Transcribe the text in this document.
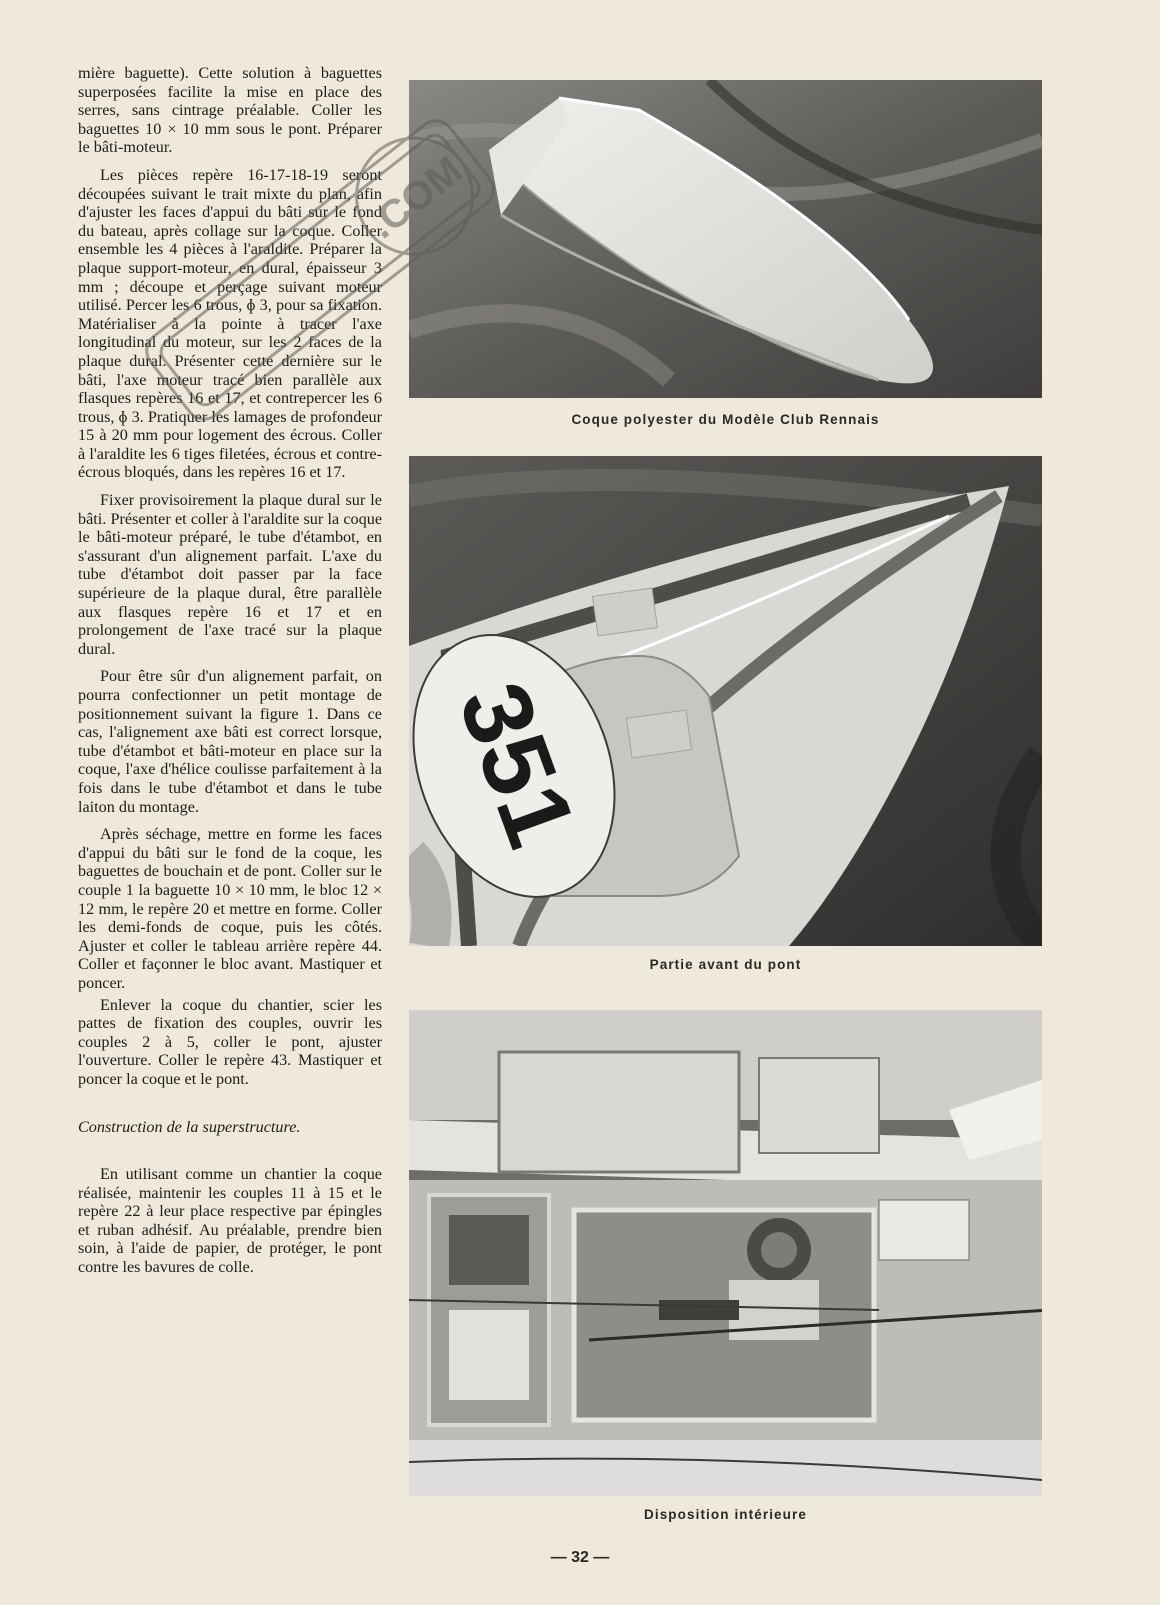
mière baguette). Cette solution à baguettes superposées facilite la mise en place des serres, sans cintrage préalable. Coller les baguettes 10 × 10 mm sous le pont. Préparer le bâti-moteur.

Les pièces repère 16-17-18-19 seront découpées suivant le trait mixte du plan, afin d'ajuster les faces d'appui du bâti sur le fond du bateau, après collage sur la coque. Coller ensemble les 4 pièces à l'araldite. Préparer la plaque support-moteur, en dural, épaisseur 3 mm ; découpe et perçage suivant moteur utilisé. Percer les 6 trous, ɸ 3, pour sa fixation. Matérialiser à la pointe à tracer l'axe longitudinal du moteur, sur les 2 faces de la plaque dural. Présenter cette dernière sur le bâti, l'axe moteur tracé bien parallèle aux flasques repères 16 et 17, et contrepercer les 6 trous, ɸ 3. Pratiquer les lamages de profondeur 15 à 20 mm pour logement des écrous. Coller à l'araldite les 6 tiges filetées, écrous et contre-écrous bloqués, dans les repères 16 et 17.

Fixer provisoirement la plaque dural sur le bâti. Présenter et coller à l'araldite sur la coque le bâti-moteur préparé, le tube d'étambot, en s'assurant d'un alignement parfait. L'axe du tube d'étambot doit passer par la face supérieure de la plaque dural, être parallèle aux flasques repère 16 et 17 et en prolongement de l'axe tracé sur la plaque dural.

Pour être sûr d'un alignement parfait, on pourra confectionner un petit montage de positionnement suivant la figure 1. Dans ce cas, l'alignement axe bâti est correct lorsque, tube d'étambot et bâti-moteur en place sur la coque, l'axe d'hélice coulisse parfaitement à la fois dans le tube d'étambot et dans le tube laiton du montage.

Après séchage, mettre en forme les faces d'appui du bâti sur le fond de la coque, les baguettes de bouchain et de pont. Coller sur le couple 1 la baguette 10 × 10 mm, le bloc 12 × 12 mm, le repère 20 et mettre en forme. Coller les demi-fonds de coque, puis les côtés. Ajuster et coller le tableau arrière repère 44. Coller et façonner le bloc avant. Mastiquer et poncer.

Enlever la coque du chantier, scier les pattes de fixation des couples, ouvrir les couples 2 à 5, coller le pont, ajuster l'ouverture. Coller le repère 43. Mastiquer et poncer la coque et le pont.

Construction de la superstructure.

En utilisant comme un chantier la coque réalisée, maintenir les couples 11 à 15 et le repère 22 à leur place respective par épingles et ruban adhésif. Au préalable, prendre bien soin, à l'aide de papier, de protéger, le pont contre les bavures de colle.

Coque polyester du Modèle Club Rennais
351
Partie avant du pont
Disposition intérieure
— 32 —
.COM
